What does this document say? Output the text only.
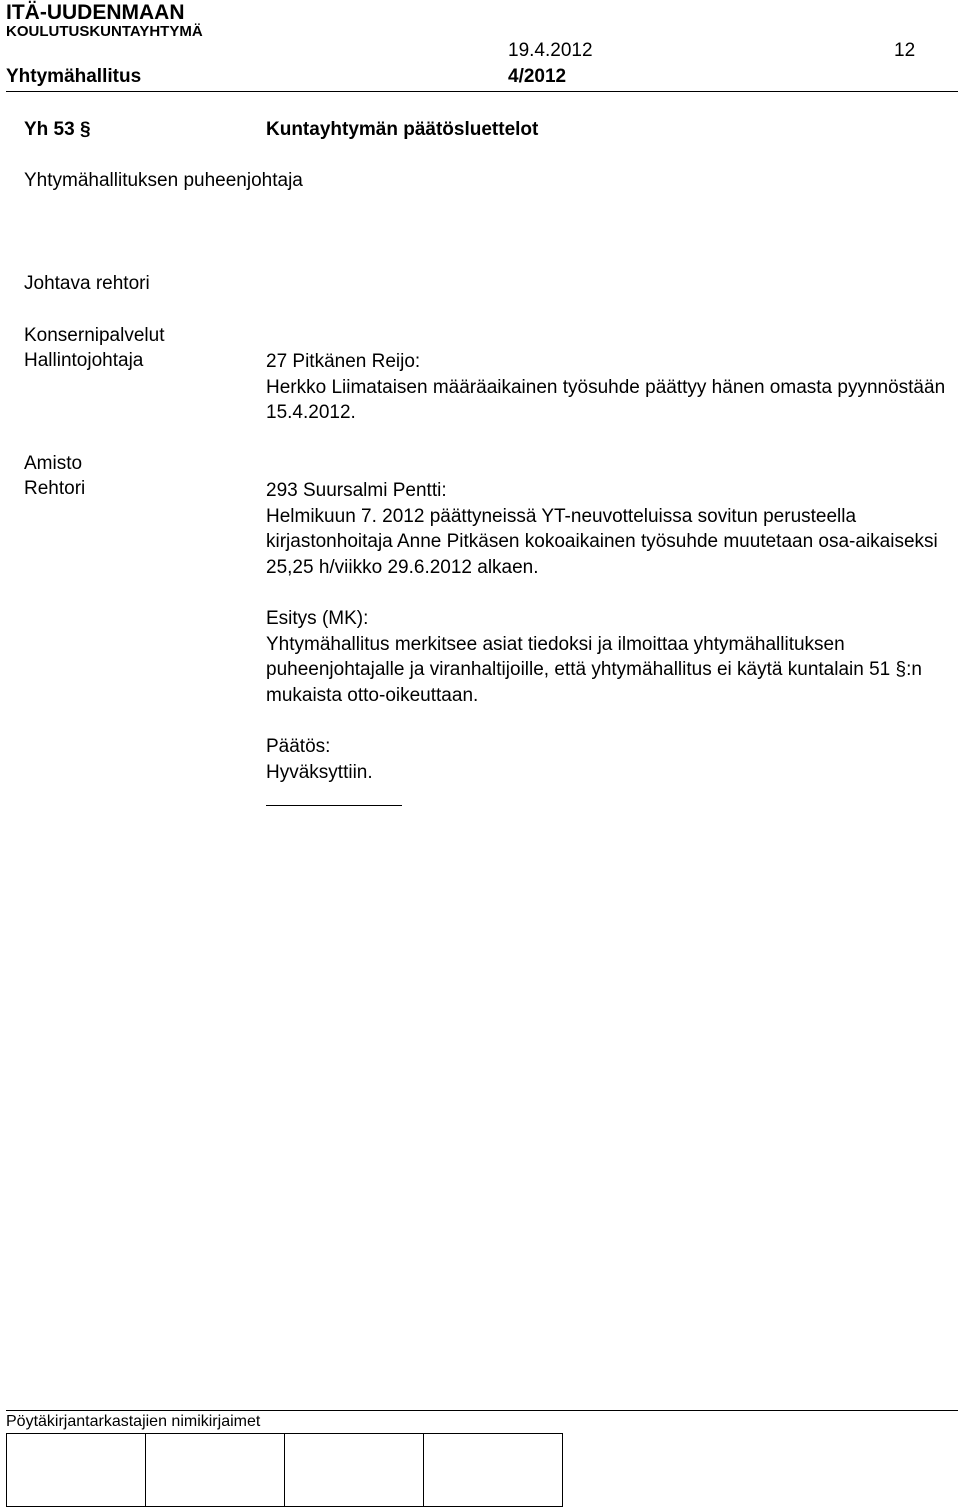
ITÄ-UUDENMAAN
KOULUTUSKUNTAYHTYMÄ
19.4.2012	12
Yhtymähallitus	4/2012
Yh 53 §	Kuntayhtymän päätösluettelot
Yhtymähallituksen puheenjohtaja
Johtava rehtori
Konsernipalvelut
Hallintojohtaja
Amisto
Rehtori

27 Pitkänen Reijo:

Herkko Liimataisen määräaikainen työsuhde päättyy hänen omasta pyynnöstään 15.4.2012.

293 Suursalmi Pentti:

Helmikuun 7. 2012 päättyneissä YT-neuvotteluissa sovitun perusteella kirjastonhoitaja Anne Pitkäsen kokoaikainen työsuhde muutetaan osa-aikaiseksi 25,25 h/viikko 29.6.2012 alkaen.

Esitys (MK):

Yhtymähallitus merkitsee asiat tiedoksi ja ilmoittaa yhtymähallituksen puheenjohtajalle ja viranhaltijoille, että yhtymähallitus ei käytä kuntalain 51 §:n mukaista otto-oikeuttaan.

Päätös:

Hyväksyttiin.

Pöytäkirjantarkastajien nimikirjaimet
